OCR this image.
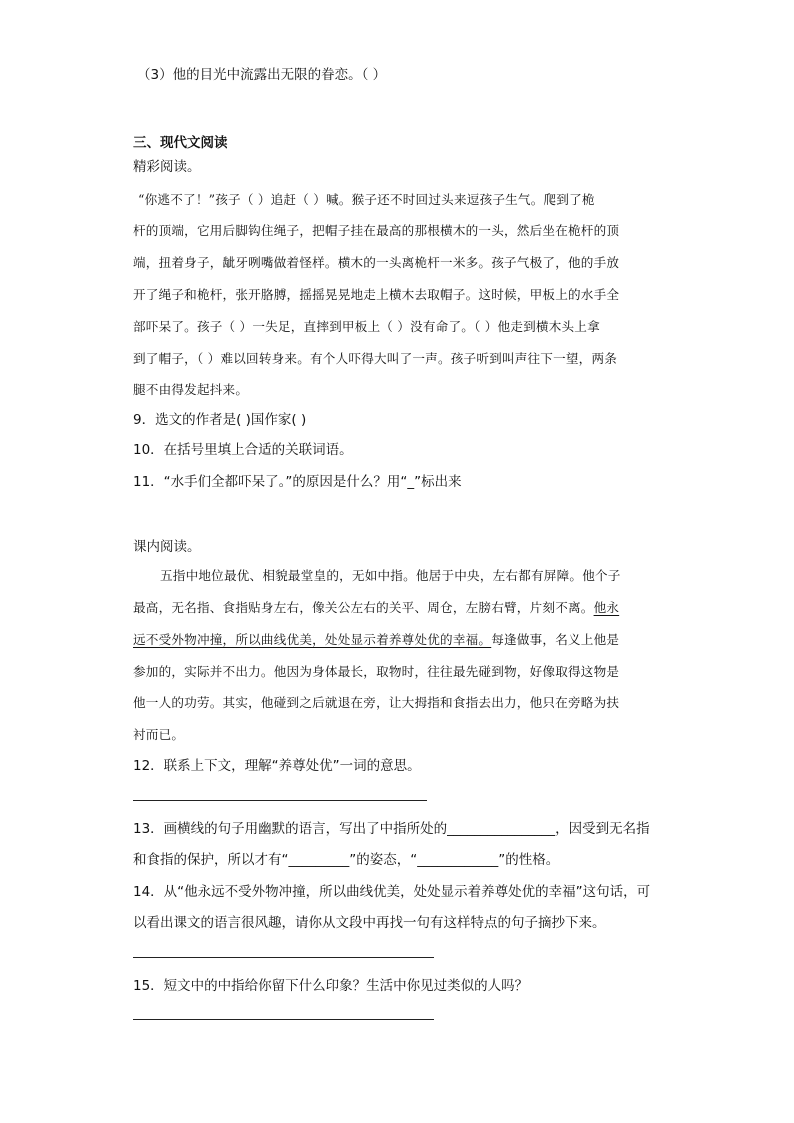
（3）他的目光中流露出无限的眷恋。（ ）
三、现代文阅读
精彩阅读。
“你逃不了！”孩子（ ）追赶（ ）喊。猴子还不时回过头来逗孩子生气。爬到了桅
杆的顶端，它用后脚钩住绳子，把帽子挂在最高的那根横木的一头，然后坐在桅杆的顶
端，扭着身子，龇牙咧嘴做着怪样。横木的一头离桅杆一米多。孩子气极了，他的手放
开了绳子和桅杆，张开胳膊，摇摇晃晃地走上横木去取帽子。这时候，甲板上的水手全
部吓呆了。孩子（ ）一失足，直摔到甲板上（ ）没有命了。（ ）他走到横木头上拿
到了帽子，（ ）难以回转身来。有个人吓得大叫了一声。孩子听到叫声往下一望，两条
腿不由得发起抖来。
9．选文的作者是( )国作家( )
10．在括号里填上合适的关联词语。
11．“水手们全都吓呆了。”的原因是什么？用“_”标出来
课内阅读。
五指中地位最优、相貌最堂皇的，无如中指。他居于中央，左右都有屏障。他个子
最高，无名指、食指贴身左右，像关公左右的关平、周仓，左膀右臂，片刻不离。他永
远不受外物冲撞，所以曲线优美，处处显示着养尊处优的幸福。每逢做事，名义上他是
参加的，实际并不出力。他因为身体最长，取物时，往往最先碰到物，好像取得这物是
他一人的功劳。其实，他碰到之后就退在旁，让大拇指和食指去出力，他只在旁略为扶
衬而已。
12．联系上下文，理解“养尊处优”一词的意思。
13．画横线的句子用幽默的语言，写出了中指所处的________________，因受到无名指
和食指的保护，所以才有“_________”的姿态，“____________”的性格。
14．从“他永远不受外物冲撞，所以曲线优美，处处显示着养尊处优的幸福”这句话，可
以看出课文的语言很风趣，请你从文段中再找一句有这样特点的句子摘抄下来。
15．短文中的中指给你留下什么印象？生活中你见过类似的人吗？
